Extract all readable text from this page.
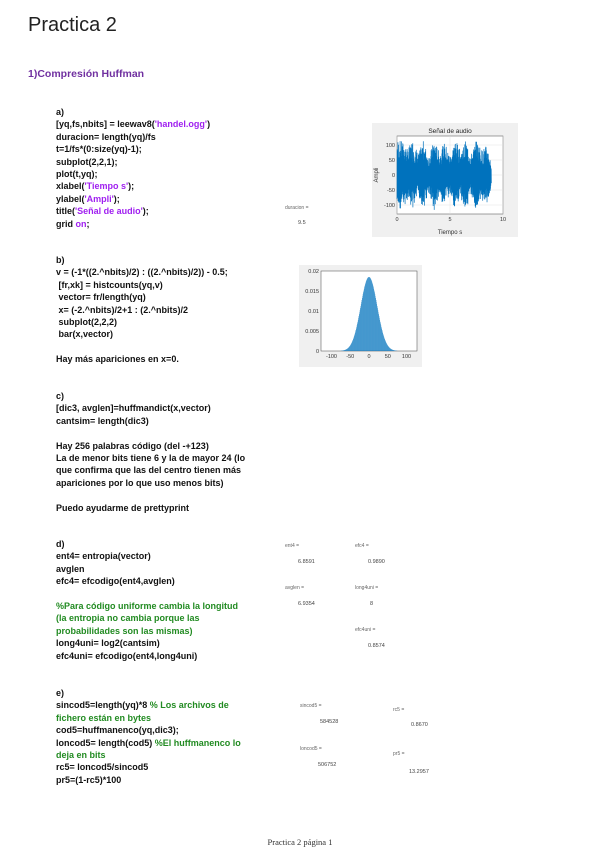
Practica 2
1)Compresión Huffman
a)
[yq,fs,nbits] = leewav8('handel.ogg')
duracion= length(yq)/fs
t=1/fs*(0:size(yq)-1);
subplot(2,2,1);
plot(t,yq);
xlabel('Tiempo s');
ylabel('Ampli');
title('Señal de audio');
grid on;
duracion =
9.5
Señal de audio
0	5	10
100
50
0
-50
-100
Tiempo s
Ampli
b)
v = (-1*((2.^nbits)/2) : ((2.^nbits)/2)) - 0.5;
[fr,xk] = histcounts(yq,v)
vector= fr/length(yq)
x= (-2.^nbits)/2+1 : (2.^nbits)/2
subplot(2,2,2)
bar(x,vector)

Hay más apariciones en x=0.	-100 -50 0	50 100
0.02
0.015
0.01
0.005
0
c)
[dic3, avglen]=huffmandict(x,vector)
cantsim= length(dic3)

Hay 256 palabras código (del -+123)
La de menor bits tiene 6 y la de mayor 24 (lo
que confirma que las del centro tienen más
apariciones por lo que uso menos bits)

Puedo ayudarme de prettyprint
d)
ent4= entropia(vector)
avglen
efc4= efcodigo(ent4,avglen)

%Para código uniforme cambia la longitud
(la entropia no cambia porque las
probabilidades son las mismas)
long4uni= log2(cantsim)
efc4uni= efcodigo(ent4,long4uni)
ent4 =
6.8591
efc4 =
0.9890
avglen =
6.9354
long4uni =
8
efc4uni =
0.8574
e)
sincod5=length(yq)*8 % Los archivos de
fichero están en bytes
cod5=huffmanenco(yq,dic3);
loncod5= length(cod5) %El huffmanenco lo
deja en bits
rc5= loncod5/sincod5
pr5=(1-rc5)*100
sincod5 =
584528
rc5 =
0.8670
loncod5 =
506752
pr5 =
13.2957
Practica 2 página 1
